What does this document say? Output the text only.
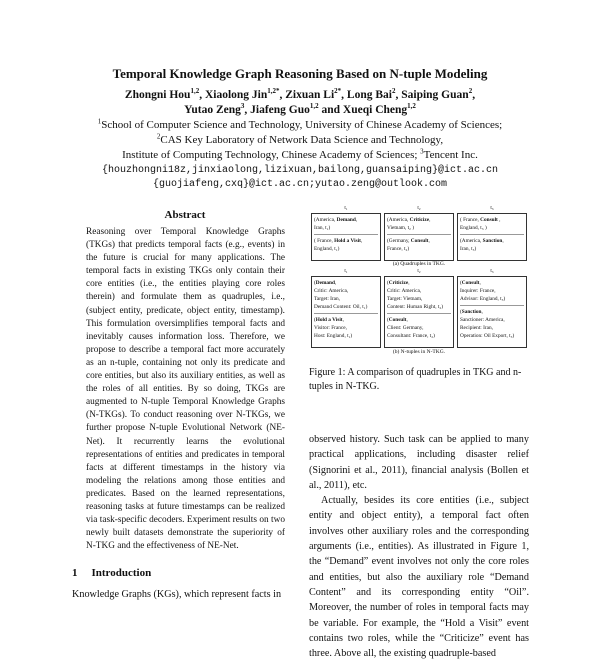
Temporal Knowledge Graph Reasoning Based on N-tuple Modeling
Zhongni Hou$^{1,2}$, Xiaolong Jin$^{1,2*}$, Zixuan $Li^{2*}$, Long Bai$^2$, Saiping Guan$^2$,
Yutao Zeng$^3$, Jiafeng Guo$^{1,2}$ and Xueqi Cheng$^{1,2}$
$^1$School of Computer Science and Technology, University of Chinese Academy of Sciences;
$^2$CAS Key Laboratory of Network Data Science and Technology,
Institute of Computing Technology, Chinese Academy of Sciences; $^3$Tencent Inc.
{houzhongni18z,jinxiaolong,lizixuan,bailong,guansaiping}@ict.ac.cn
{guojiafeng,cxq}@ict.ac.cn;yutao.zeng@outlook.com
Abstract

Reasoning over Temporal Knowledge Graphs (TKGs) that predicts temporal facts (e.g., events) in the future is crucial for many applications. The temporal facts in existing TKGs only contain their core entities (i.e., the entities playing core roles therein) and formulate them as quadruples, i.e., (subject entity, predicate, object entity, timestamp). This formulation oversimplifies temporal facts and inevitably causes information loss. Therefore, we propose to describe a temporal fact more accurately as an n-tuple, containing not only its predicate and core entities, but also its auxiliary entities, as well as the roles of all entities. By so doing, TKGs are augmented to N-tuple Temporal Knowledge Graphs (N-TKGs). To conduct reasoning over N-TKGs, we further propose N-tuple Evolutional Network (NE-Net). It recurrently learns the evolutional representations of entities and predicates in temporal facts at different timestamps in the history via modeling the relations among those entities and predicates. Based on the learned representations, reasoning tasks at future timestamps can be realized via task-specific decoders. Experiment results on two newly built datasets demonstrate the superiority of N-TKG and the effectiveness of NE-Net.

1 Introduction
Knowledge Graphs (KGs), which represent facts in
t₁
t₁
t₂
t₂
t₃
t₃
(America, Demand,
Iran, t₁)
( France, Hold a Visit,
England, t₁)
(America, Criticize,
Vietnam, t₂ )
(Germany, Consult,
France, t₂)
( France, Consult ,
England, t₃ )
(America, Sanction,
Iran, t₃)
(a) Quadruples in TKG.
(Demand,
Critic: America,
Target: Iran,
Demand Content: Oil, t₁)
(Hold a Visit,
Visitor: France,
Host: England, t₁)
(Criticize,
Critic: America,
Target: Vietnam,
Content: Human Right, t₂)
(Consult,
Client: Germany,
Consultant: France, t₂)
(Consult,
Inquirer: France,
Advisor: England, t₃)
(Sanction,
Sanctioner: America,
Recipient: Iran,
Operation: Oil Export, t₃)
(b) N-tuples in N-TKG.
Figure 1: A comparison of quadruples in TKG and n-tuples in N-TKG.

observed history. Such task can be applied to many practical applications, including disaster relief (Signorini et al., 2011), financial analysis (Bollen et al., 2011), etc.

Actually, besides its core entities (i.e., subject entity and object entity), a temporal fact often involves other auxiliary roles and the corresponding arguments (i.e., entities). As illustrated in Figure 1, the “Demand” event involves not only the core roles and entities, but also the auxiliary role “Demand Content” and its corresponding entity “Oil”. Moreover, the number of roles in temporal facts may be variable. For example, the “Hold a Visit” event contains two roles, while the “Criticize” event has three. Above all, the existing quadruple-based
